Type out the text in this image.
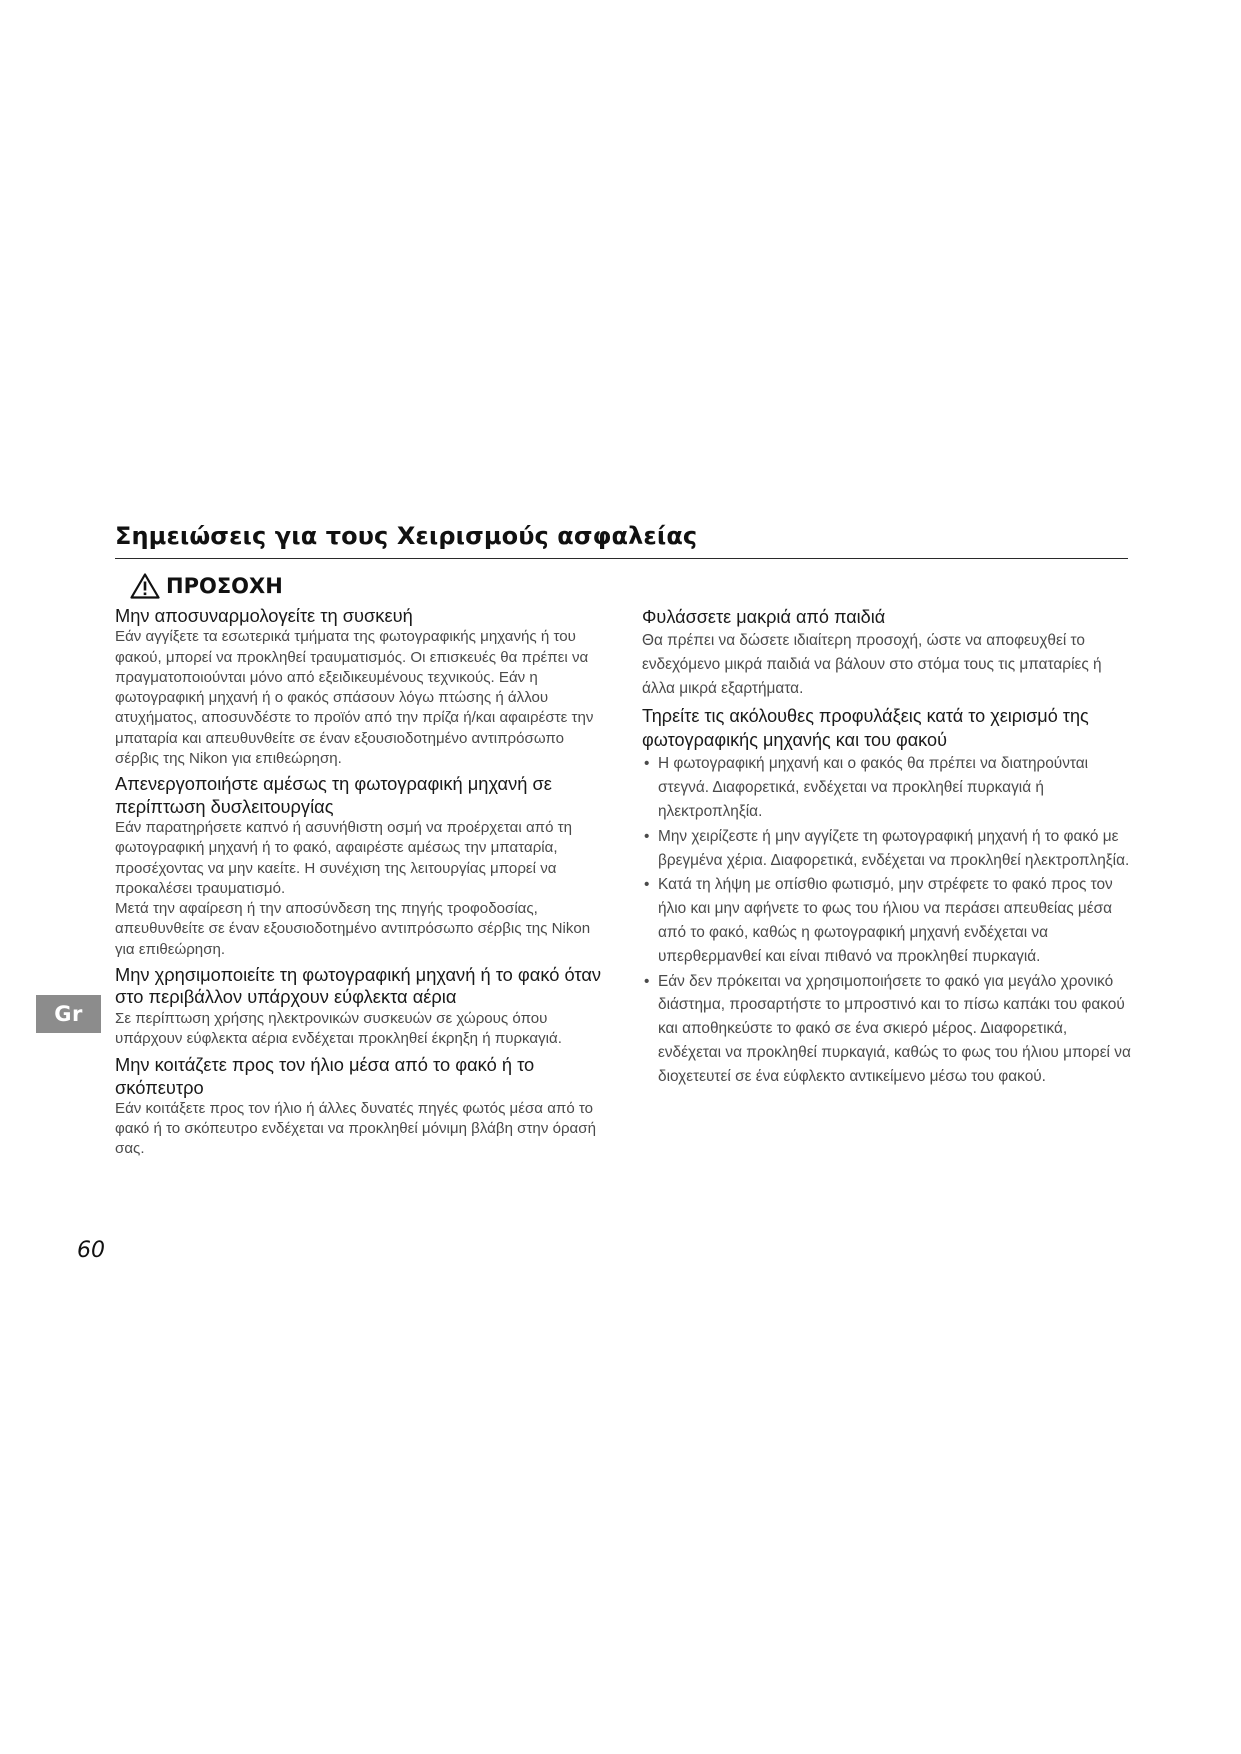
Σημειώσεις για τους Χειρισμούς ασφαλείας
ΠΡΟΣΟΧΗ

Μην αποσυναρμολογείτε τη συσκευή

Εάν αγγίξετε τα εσωτερικά τμήματα της φωτογραφικής μηχανής ή του φακού, μπορεί να προκληθεί τραυματισμός. Οι επισκευές θα πρέπει να πραγματοποιούνται μόνο από εξειδικευμένους τεχνικούς. Εάν η φωτογραφική μηχανή ή ο φακός σπάσουν λόγω πτώσης ή άλλου ατυχήματος, αποσυνδέστε το προϊόν από την πρίζα ή/και αφαιρέστε την μπαταρία και απευθυνθείτε σε έναν εξουσιοδοτημένο αντιπρόσωπο σέρβις της Nikon για επιθεώρηση.

Απενεργοποιήστε αμέσως τη φωτογραφική μηχανή σε περίπτωση δυσλειτουργίας

Εάν παρατηρήσετε καπνό ή ασυνήθιστη οσμή να προέρχεται από τη φωτογραφική μηχανή ή το φακό, αφαιρέστε αμέσως την μπαταρία, προσέχοντας να μην καείτε. Η συνέχιση της λειτουργίας μπορεί να προκαλέσει τραυματισμό.

Μετά την αφαίρεση ή την αποσύνδεση της πηγής τροφοδοσίας, απευθυνθείτε σε έναν εξουσιοδοτημένο αντιπρόσωπο σέρβις της Nikon για επιθεώρηση.

Μην χρησιμοποιείτε τη φωτογραφική μηχανή ή το φακό όταν στο περιβάλλον υπάρχουν εύφλεκτα αέρια

Σε περίπτωση χρήσης ηλεκτρονικών συσκευών σε χώρους όπου υπάρχουν εύφλεκτα αέρια ενδέχεται προκληθεί έκρηξη ή πυρκαγιά.

Μην κοιτάζετε προς τον ήλιο μέσα από το φακό ή το σκόπευτρο

Εάν κοιτάξετε προς τον ήλιο ή άλλες δυνατές πηγές φωτός μέσα από το φακό ή το σκόπευτρο ενδέχεται να προκληθεί μόνιμη βλάβη στην όρασή σας.

Φυλάσσετε μακριά από παιδιά

Θα πρέπει να δώσετε ιδιαίτερη προσοχή, ώστε να αποφευχθεί το ενδεχόμενο μικρά παιδιά να βάλουν στο στόμα τους τις μπαταρίες ή άλλα μικρά εξαρτήματα.

Τηρείτε τις ακόλουθες προφυλάξεις κατά το χειρισμό της φωτογραφικής μηχανής και του φακού

• Η φωτογραφική μηχανή και ο φακός θα πρέπει να διατηρούνται στεγνά. Διαφορετικά, ενδέχεται να προκληθεί πυρκαγιά ή ηλεκτροπληξία.
• Μην χειρίζεστε ή μην αγγίζετε τη φωτογραφική μηχανή ή το φακό με βρεγμένα χέρια. Διαφορετικά, ενδέχεται να προκληθεί ηλεκτροπληξία.
• Κατά τη λήψη με οπίσθιο φωτισμό, μην στρέφετε το φακό προς τον ήλιο και μην αφήνετε το φως του ήλιου να περάσει απευθείας μέσα από το φακό, καθώς η φωτογραφική μηχανή ενδέχεται να υπερθερμανθεί και είναι πιθανό να προκληθεί πυρκαγιά.
• Εάν δεν πρόκειται να χρησιμοποιήσετε το φακό για μεγάλο χρονικό διάστημα, προσαρτήστε το μπροστινό και το πίσω καπάκι του φακού και αποθηκεύστε το φακό σε ένα σκιερό μέρος. Διαφορετικά, ενδέχεται να προκληθεί πυρκαγιά, καθώς το φως του ήλιου μπορεί να διοχετευτεί σε ένα εύφλεκτο αντικείμενο μέσω του φακού.
Gr
60
